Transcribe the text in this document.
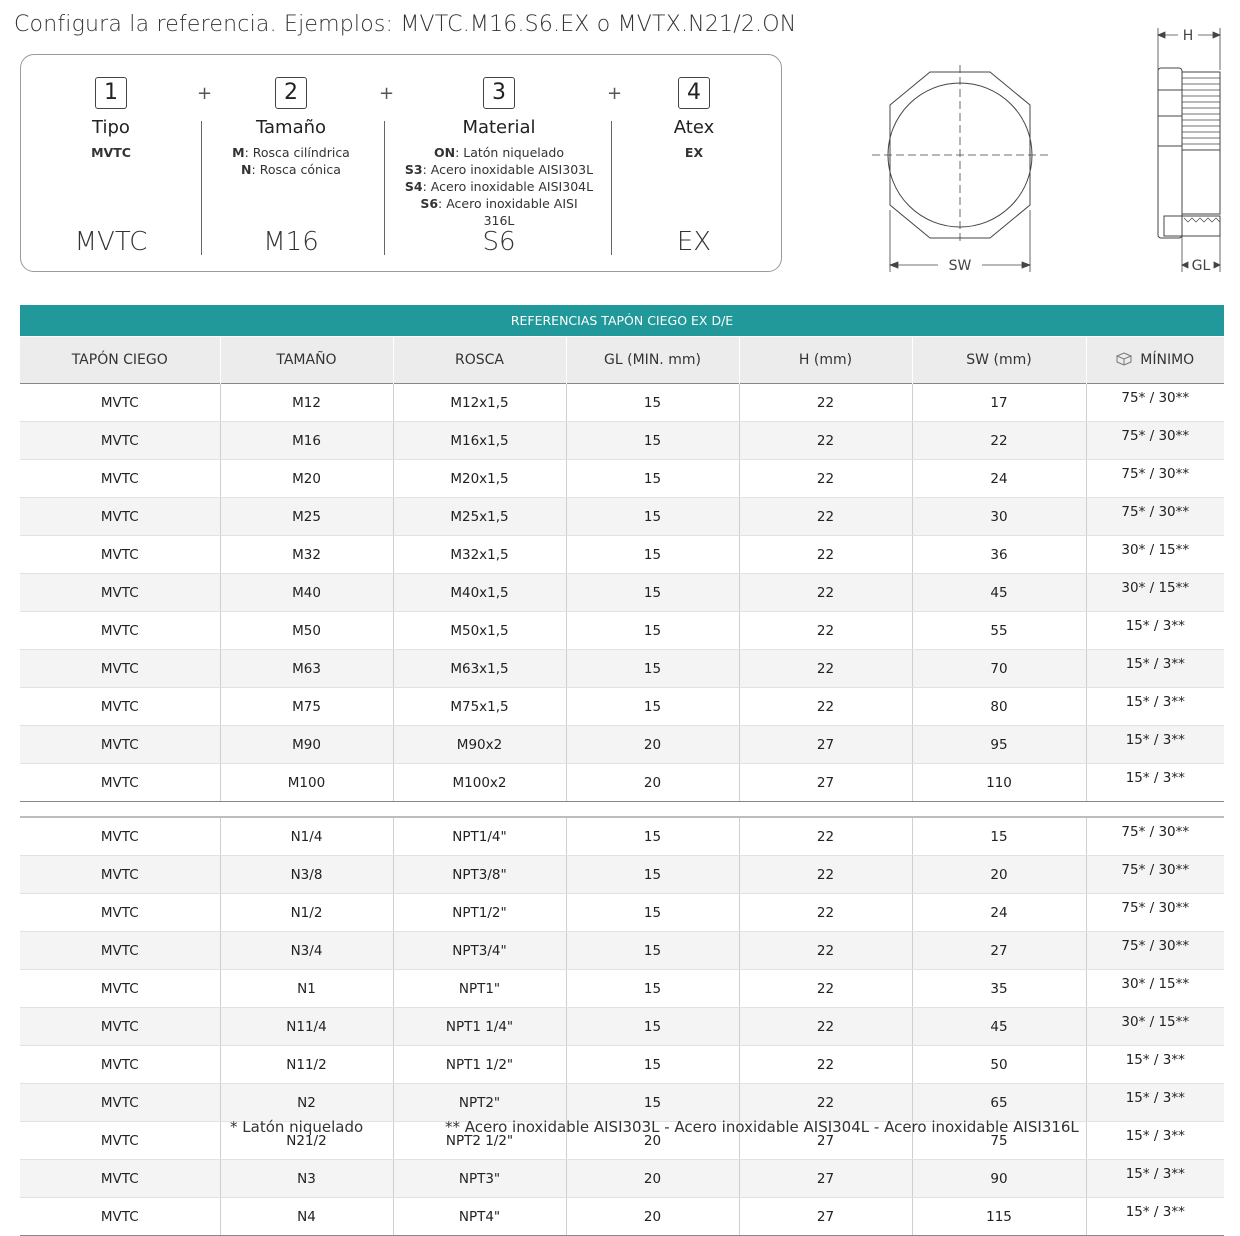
Configura la referencia. Ejemplos: MVTC.M16.S6.EX o MVTX.N21/2.ON
1
Tipo
MVTC
MVTC
2
Tamaño
M: Rosca cilíndrica
N: Rosca cónica
M16
3
Material
ON: Latón niquelado
S3: Acero inoxidable AISI303L
S4: Acero inoxidable AISI304L
S6: Acero inoxidable AISI 316L
S6
4
Atex
EX
EX
+	+	+
SW
H
GL
REFERENCIAS TAPÓN CIEGO EX D/E						
TAPÓN CIEGO	TAMAÑO	ROSCA	GL (MIN. mm)	H (mm)	SW (mm)	MÍNIMO
MVTC	M12	M12x1,5	15	22	17	75* / 30**
MVTC	M16	M16x1,5	15	22	22	75* / 30**
MVTC	M20	M20x1,5	15	22	24	75* / 30**
MVTC	M25	M25x1,5	15	22	30	75* / 30**
MVTC	M32	M32x1,5	15	22	36	30* / 15**
MVTC	M40	M40x1,5	15	22	45	30* / 15**
MVTC	M50	M50x1,5	15	22	55	15* / 3**
MVTC	M63	M63x1,5	15	22	70	15* / 3**
MVTC	M75	M75x1,5	15	22	80	15* / 3**
MVTC	M90	M90x2	20	27	95	15* / 3**
MVTC	M100	M100x2	20	27	110	15* / 3**

MVTC	N1/4	NPT1/4"	15	22	15	75* / 30**
MVTC	N3/8	NPT3/8"	15	22	20	75* / 30**
MVTC	N1/2	NPT1/2"	15	22	24	75* / 30**
MVTC	N3/4	NPT3/4"	15	22	27	75* / 30**
MVTC	N1	NPT1"	15	22	35	30* / 15**
MVTC	N11/4	NPT1 1/4"	15	22	45	30* / 15**
MVTC	N11/2	NPT1 1/2"	15	22	50	15* / 3**
MVTC	N2	NPT2"	15	22	65	15* / 3**
MVTC	N21/2	NPT2 1/2"	20	27	75	15* / 3**
MVTC	N3	NPT3"	20	27	90	15* / 3**
MVTC	N4	NPT4"	20	27	115	15* / 3**
* Latón niquelado	** Acero inoxidable AISI303L - Acero inoxidable AISI304L - Acero inoxidable AISI316L
